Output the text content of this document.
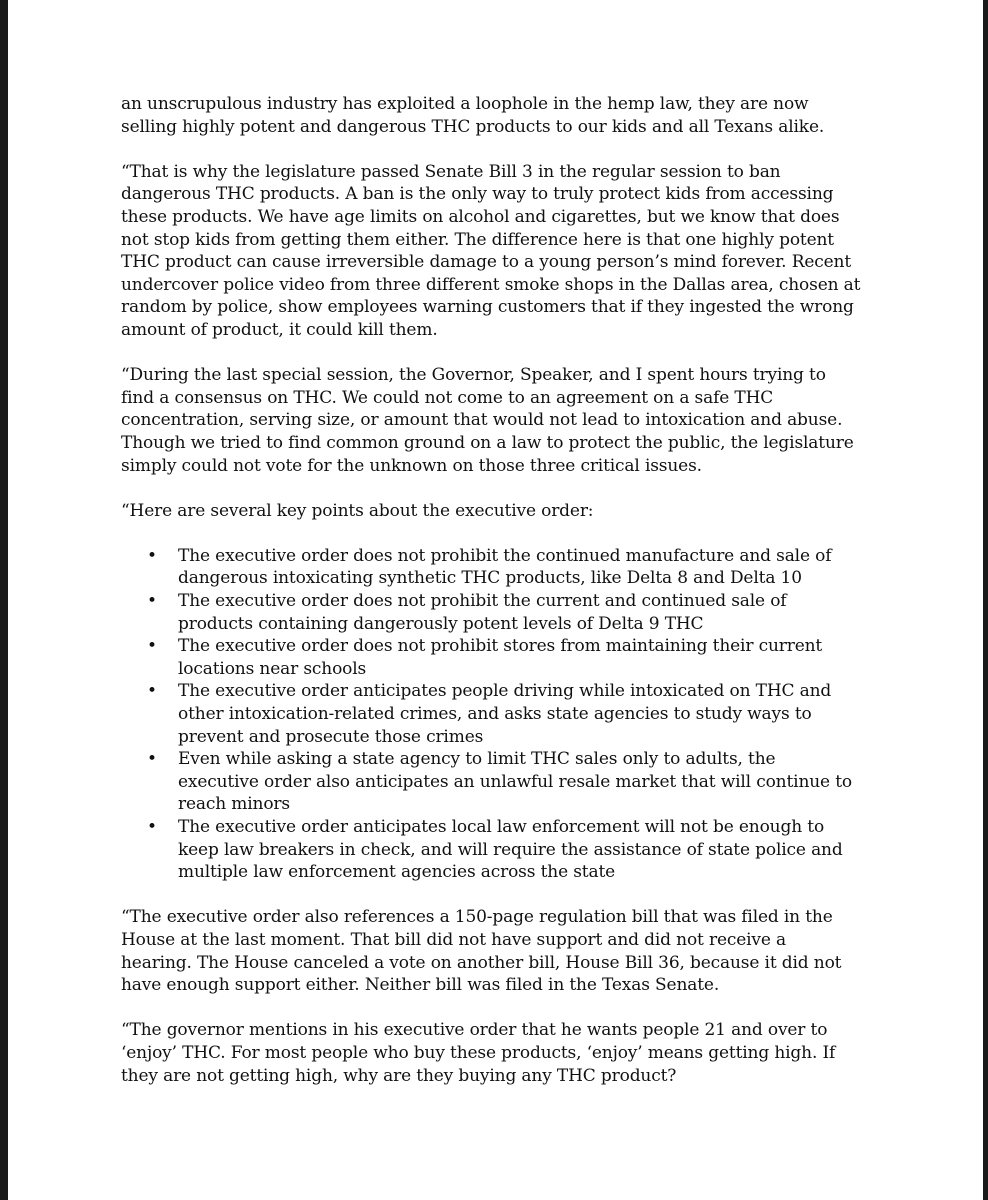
an unscrupulous industry has exploited a loophole in the hemp law, they are now selling highly potent and dangerous THC products to our kids and all Texans alike.

“That is why the legislature passed Senate Bill 3 in the regular session to ban dangerous THC products. A ban is the only way to truly protect kids from accessing these products. We have age limits on alcohol and cigarettes, but we know that does not stop kids from getting them either. The difference here is that one highly potent THC product can cause irreversible damage to a young person’s mind forever. Recent undercover police video from three different smoke shops in the Dallas area, chosen at random by police, show employees warning customers that if they ingested the wrong amount of product, it could kill them.

“During the last special session, the Governor, Speaker, and I spent hours trying to find a consensus on THC. We could not come to an agreement on a safe THC concentration, serving size, or amount that would not lead to intoxication and abuse. Though we tried to find common ground on a law to protect the public, the legislature simply could not vote for the unknown on those three critical issues.

“Here are several key points about the executive order:

• The executive order does not prohibit the continued manufacture and sale of dangerous intoxicating synthetic THC products, like Delta 8 and Delta 10
• The executive order does not prohibit the current and continued sale of products containing dangerously potent levels of Delta 9 THC
• The executive order does not prohibit stores from maintaining their current locations near schools
• The executive order anticipates people driving while intoxicated on THC and other intoxication-related crimes, and asks state agencies to study ways to prevent and prosecute those crimes
• Even while asking a state agency to limit THC sales only to adults, the executive order also anticipates an unlawful resale market that will continue to reach minors
• The executive order anticipates local law enforcement will not be enough to keep law breakers in check, and will require the assistance of state police and multiple law enforcement agencies across the state

“The executive order also references a 150-page regulation bill that was filed in the House at the last moment. That bill did not have support and did not receive a hearing. The House canceled a vote on another bill, House Bill 36, because it did not have enough support either. Neither bill was filed in the Texas Senate.

“The governor mentions in his executive order that he wants people 21 and over to ‘enjoy’ THC. For most people who buy these products, ‘enjoy’ means getting high. If they are not getting high, why are they buying any THC product?
